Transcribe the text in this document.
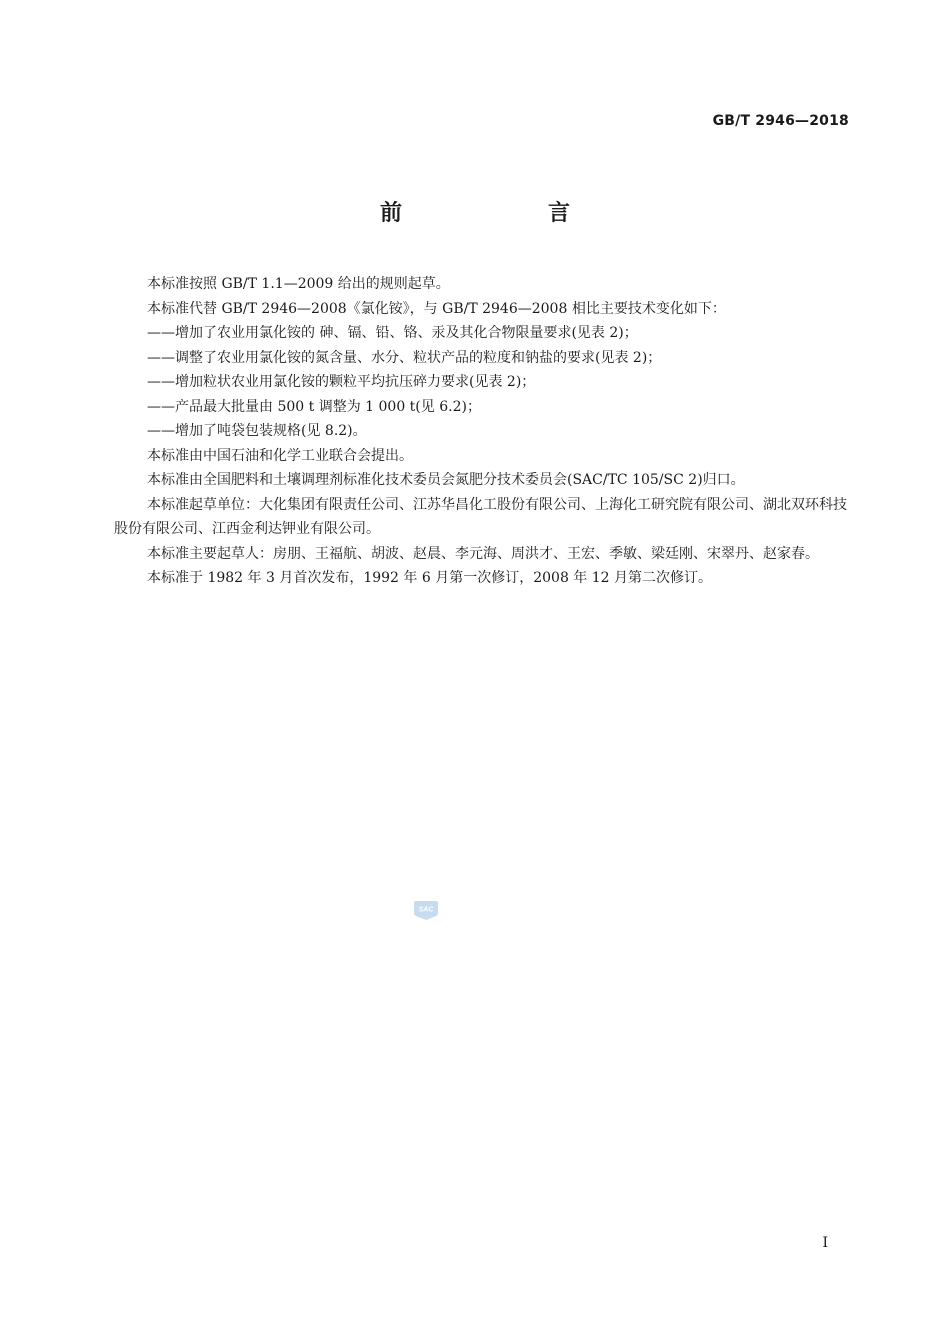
GB/T 2946—2018
前　言

本标准按照 GB/T 1.1—2009 给出的规则起草。

本标准代替 GB/T 2946—2008《氯化铵》，与 GB/T 2946—2008 相比主要技术变化如下：

——增加了农业用氯化铵的 砷、镉、铅、铬、汞及其化合物限量要求(见表 2)；

——调整了农业用氯化铵的氮含量、水分、粒状产品的粒度和钠盐的要求(见表 2)；

——增加粒状农业用氯化铵的颗粒平均抗压碎力要求(见表 2)；

——产品最大批量由 500 t 调整为 1 000 t(见 6.2)；

——增加了吨袋包装规格(见 8.2)。

本标准由中国石油和化学工业联合会提出。

本标准由全国肥料和土壤调理剂标准化技术委员会氮肥分技术委员会(SAC/TC 105/SC 2)归口。

本标准起草单位：大化集团有限责任公司、江苏华昌化工股份有限公司、上海化工研究院有限公司、湖北双环科技股份有限公司、江西金利达钾业有限公司。

本标准主要起草人：房朋、王福航、胡波、赵晨、李元海、周洪才、王宏、季敏、梁廷刚、宋翠丹、赵家春。

本标准于 1982 年 3 月首次发布，1992 年 6 月第一次修订，2008 年 12 月第二次修订。

SAC
I
